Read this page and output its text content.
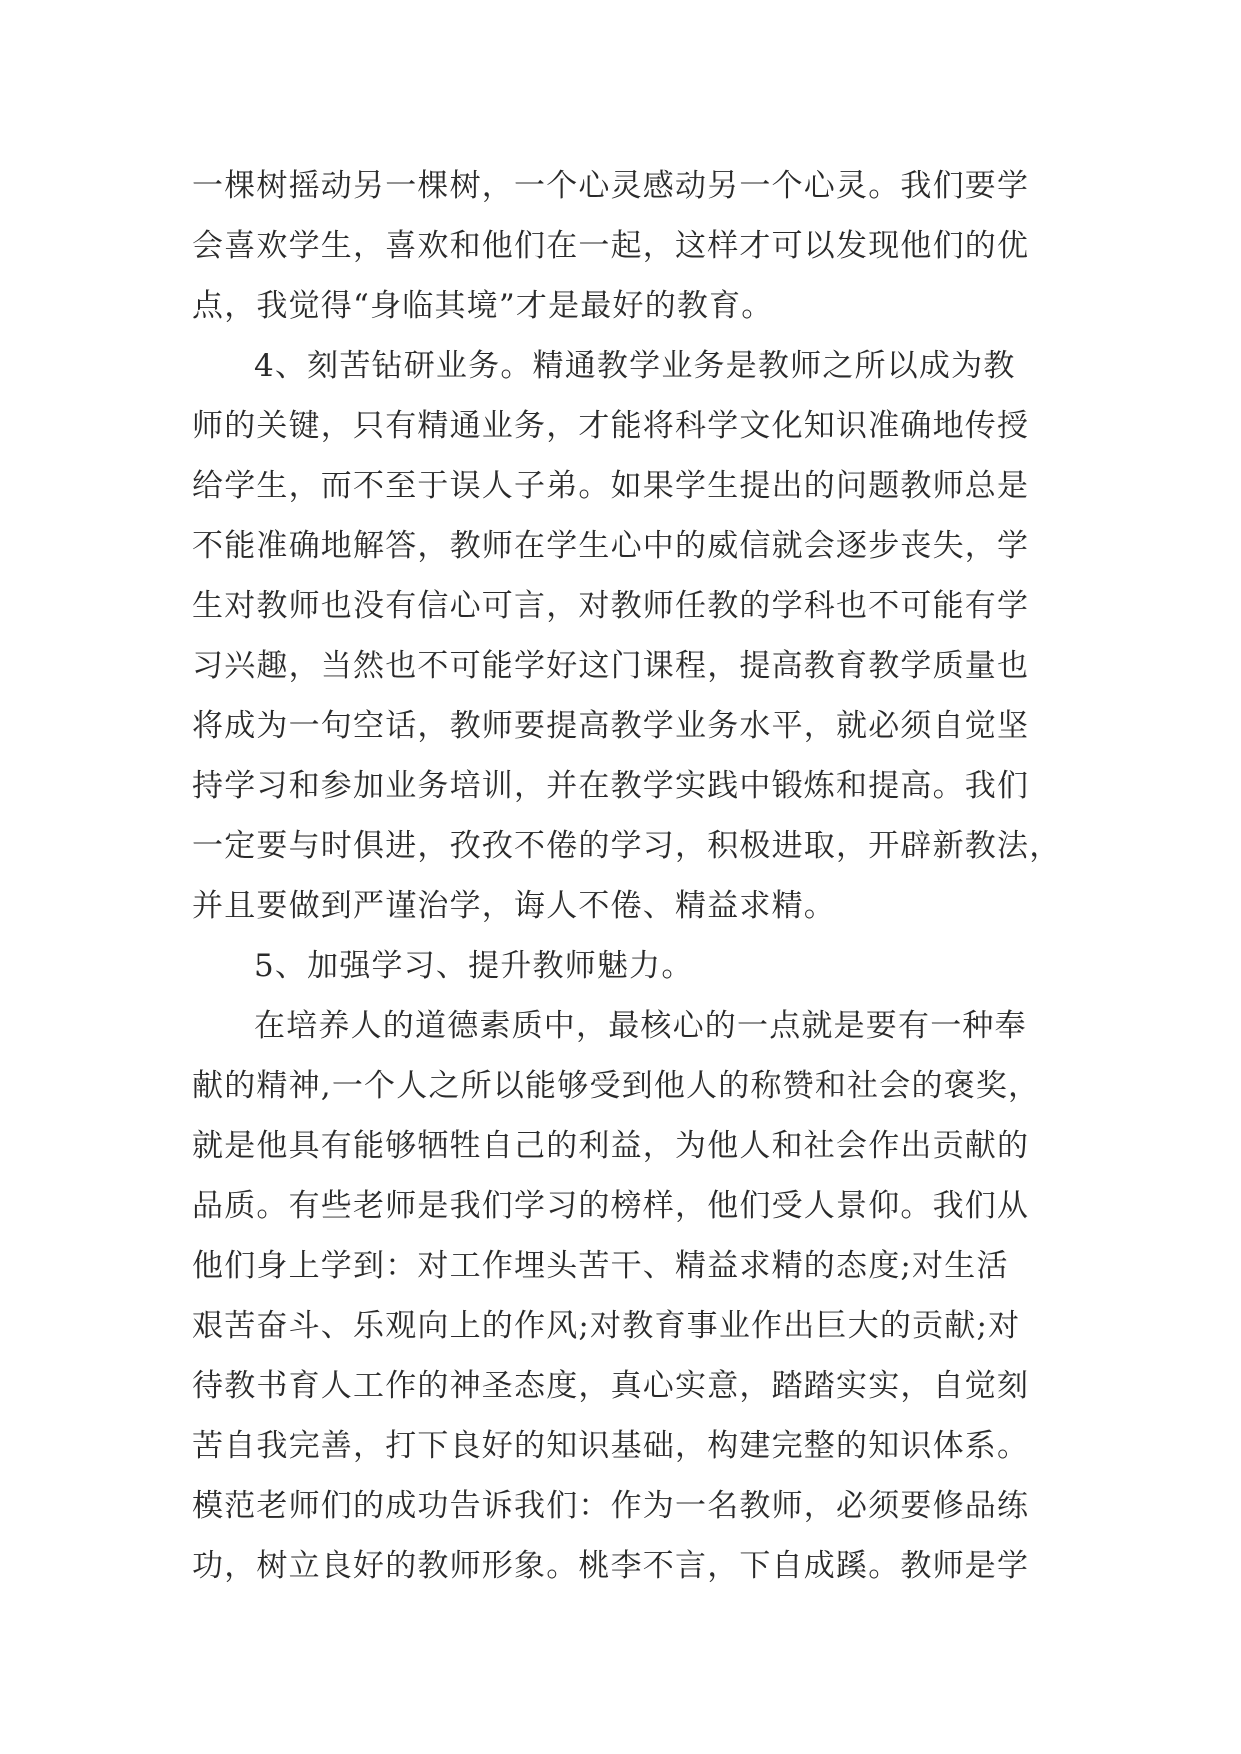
一棵树摇动另一棵树，一个心灵感动另一个心灵。我们要学
会喜欢学生，喜欢和他们在一起，这样才可以发现他们的优
点，我觉得“身临其境”才是最好的教育。
4、刻苦钻研业务。精通教学业务是教师之所以成为教
师的关键，只有精通业务，才能将科学文化知识准确地传授
给学生，而不至于误人子弟。如果学生提出的问题教师总是
不能准确地解答，教师在学生心中的威信就会逐步丧失，学
生对教师也没有信心可言，对教师任教的学科也不可能有学
习兴趣，当然也不可能学好这门课程，提高教育教学质量也
将成为一句空话，教师要提高教学业务水平，就必须自觉坚
持学习和参加业务培训，并在教学实践中锻炼和提高。我们
一定要与时俱进，孜孜不倦的学习，积极进取，开辟新教法，
并且要做到严谨治学，诲人不倦、精益求精。
5、加强学习、提升教师魅力。
在培养人的道德素质中，最核心的一点就是要有一种奉
献的精神,一个人之所以能够受到他人的称赞和社会的褒奖，
就是他具有能够牺牲自己的利益，为他人和社会作出贡献的
品质。有些老师是我们学习的榜样，他们受人景仰。我们从
他们身上学到：对工作埋头苦干、精益求精的态度;对生活
艰苦奋斗、乐观向上的作风;对教育事业作出巨大的贡献;对
待教书育人工作的神圣态度，真心实意，踏踏实实，自觉刻
苦自我完善，打下良好的知识基础，构建完整的知识体系。
模范老师们的成功告诉我们：作为一名教师，必须要修品练
功，树立良好的教师形象。桃李不言，下自成蹊。教师是学
